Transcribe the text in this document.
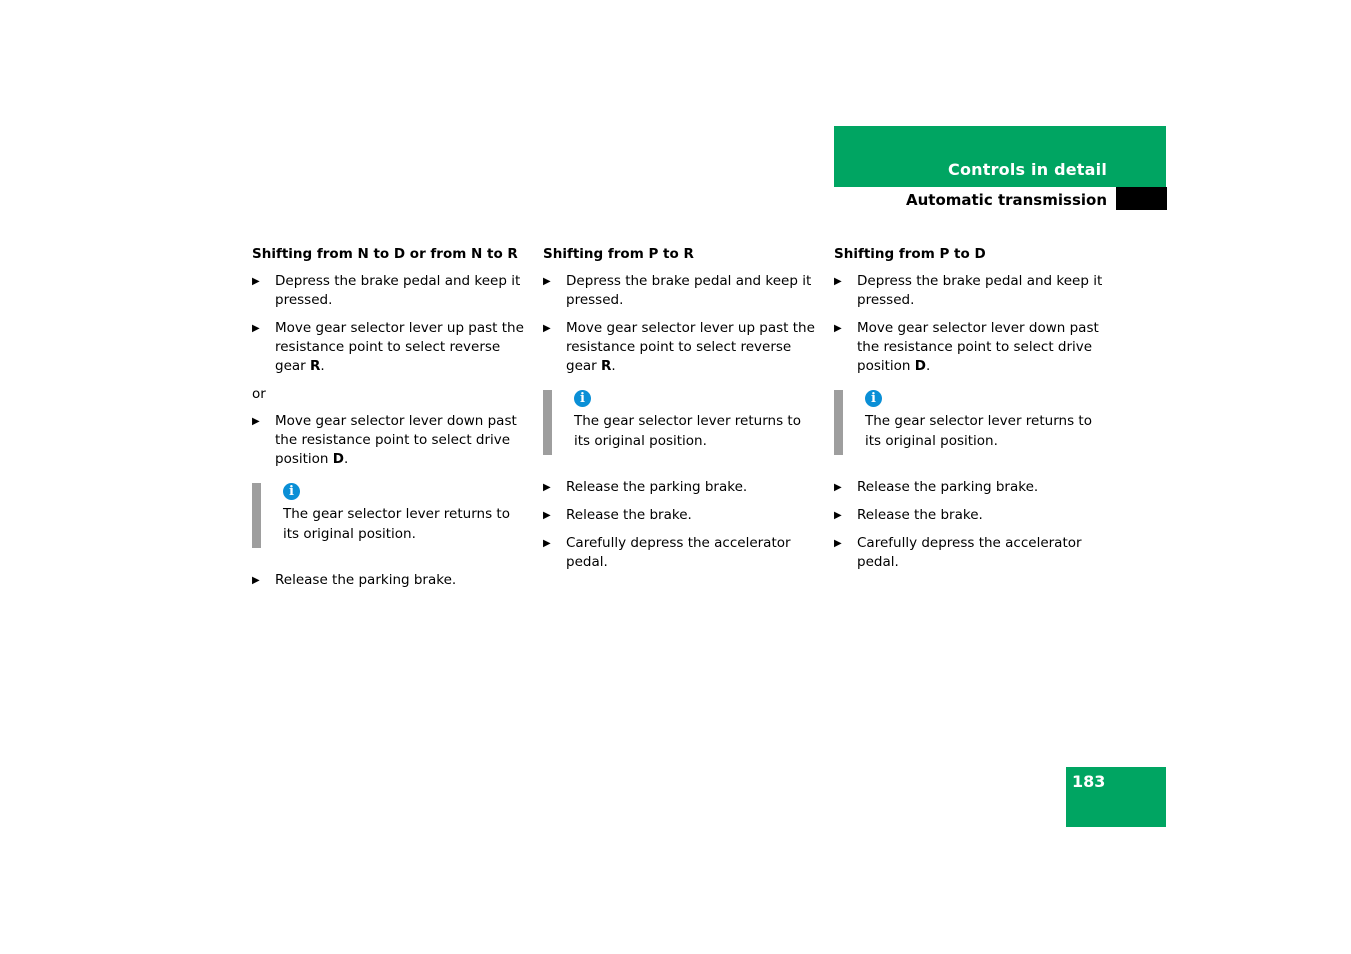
Controls in detail
Automatic transmission
Shifting from N to D or from N to R
▶ Depress the brake pedal and keep it pressed.
▶ Move gear selector lever up past the resistance point to select reverse gear R.
or
▶ Move gear selector lever down past the resistance point to select drive position D.
i
The gear selector lever returns to its original position.
▶ Release the parking brake.
Shifting from P to R
▶ Depress the brake pedal and keep it pressed.
▶ Move gear selector lever up past the resistance point to select reverse gear R.
i
The gear selector lever returns to its original position.
▶ Release the parking brake.
▶ Release the brake.
▶ Carefully depress the accelerator pedal.
Shifting from P to D
▶ Depress the brake pedal and keep it pressed.
▶ Move gear selector lever down past the resistance point to select drive position D.
i
The gear selector lever returns to its original position.
▶ Release the parking brake.
▶ Release the brake.
▶ Carefully depress the accelerator pedal.
183
